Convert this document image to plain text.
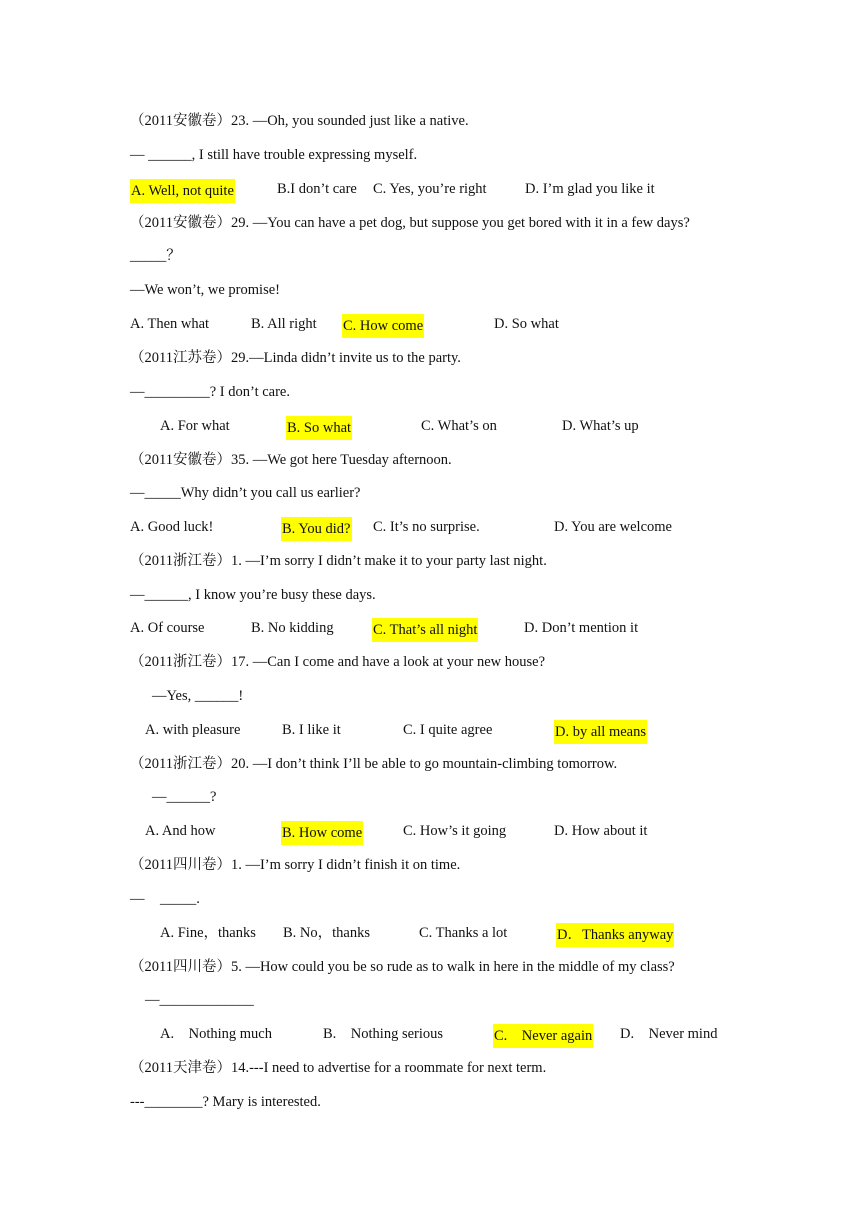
（2011安徽卷）23. —Oh, you sounded just like a native.
— ______, I still have trouble expressing myself.

A. Well, not quite

	B.I don’t care

C. Yes, you’re right

	D. I’m glad you like it

（2011安徽卷）29. —You can have a pet dog, but suppose you get bored with it in a few days?
_____？
—We won’t, we promise!

A. Then what

	B. All right

C. How come

	D. So what

（2011江苏卷）29.—Linda didn’t invite us to the party.
—_________? I don’t care.

A. For what

	B. So what

	C. What’s on

	D. What’s up

（2011安徽卷）35. —We got here Tuesday afternoon.
—_____Why didn’t you call us earlier?

A. Good luck!

	B. You did?

C. It’s no surprise.

	D. You are welcome

（2011浙江卷）1. —I’m sorry I didn’t make it to your party last night.
—______, I know you’re busy these days.

A. Of course

	B. No kidding

	C. That’s all night

	D. Don’t mention it

（2011浙江卷）17. —Can I come and have a look at your new house?
—Yes, ______!

A. with pleasure

	B. I like it

	C. I quite agree

	D. by all means

（2011浙江卷）20. —I don’t think I’ll be able to go mountain-climbing tomorrow.
—______?

A. And how

	B. How come

	C. How’s it going

	D. How about it

（2011四川卷）1. —I’m sorry I didn’t finish it on time.
— _____.

A. Fine，thanks

B. No，thanks

	C. Thanks a lot

	D．Thanks anyway

（2011四川卷）5. —How could you be so rude as to walk in here in the middle of my class?
—_____________

A.    Nothing much

	B.    Nothing serious

	C.    Never again

D.    Never mind

（2011天津卷）14.---I need to advertise for a roommate for next term.
---________? Mary is interested.
